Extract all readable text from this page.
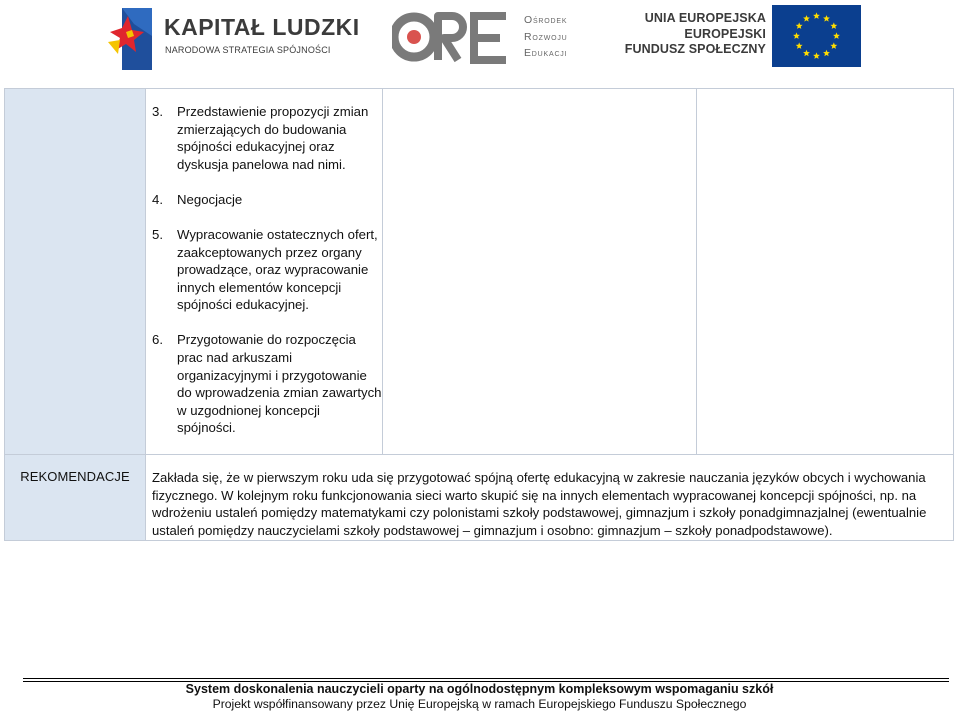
KAPITAŁ LUDZKI
NARODOWA STRATEGIA SPÓJNOŚCI
Ośrodek
Rozwoju
Edukacji
UNIA EUROPEJSKA
EUROPEJSKI
FUNDUSZ SPOŁECZNY
3. Przedstawienie propozycji zmian zmierzających do budowania spójności edukacyjnej oraz dyskusja panelowa nad nimi.
4. Negocjacje
5. Wypracowanie ostatecznych ofert, zaakceptowanych przez organy prowadzące, oraz wypracowanie innych elementów koncepcji spójności edukacyjnej.
6. Przygotowanie do rozpoczęcia prac nad arkuszami organizacyjnymi i przygotowanie do wprowadzenia zmian zawartych w uzgodnionej koncepcji spójności.
REKOMENDACJE	Zakłada się, że w pierwszym roku uda się przygotować spójną ofertę edukacyjną w zakresie nauczania języków obcych i wychowania fizycznego. W kolejnym roku funkcjonowania sieci warto skupić się na innych elementach wypracowanej koncepcji spójności, np. na wdrożeniu ustaleń pomiędzy matematykami czy polonistami szkoły podstawowej, gimnazjum i szkoły ponadgimnazjalnej (ewentualnie ustaleń pomiędzy nauczycielami szkoły podstawowej – gimnazjum i osobno: gimnazjum – szkoły ponadpodstawowe).
System doskonalenia nauczycieli oparty na ogólnodostępnym kompleksowym wspomaganiu szkół
Projekt współfinansowany przez Unię Europejską w ramach Europejskiego Funduszu Społecznego
